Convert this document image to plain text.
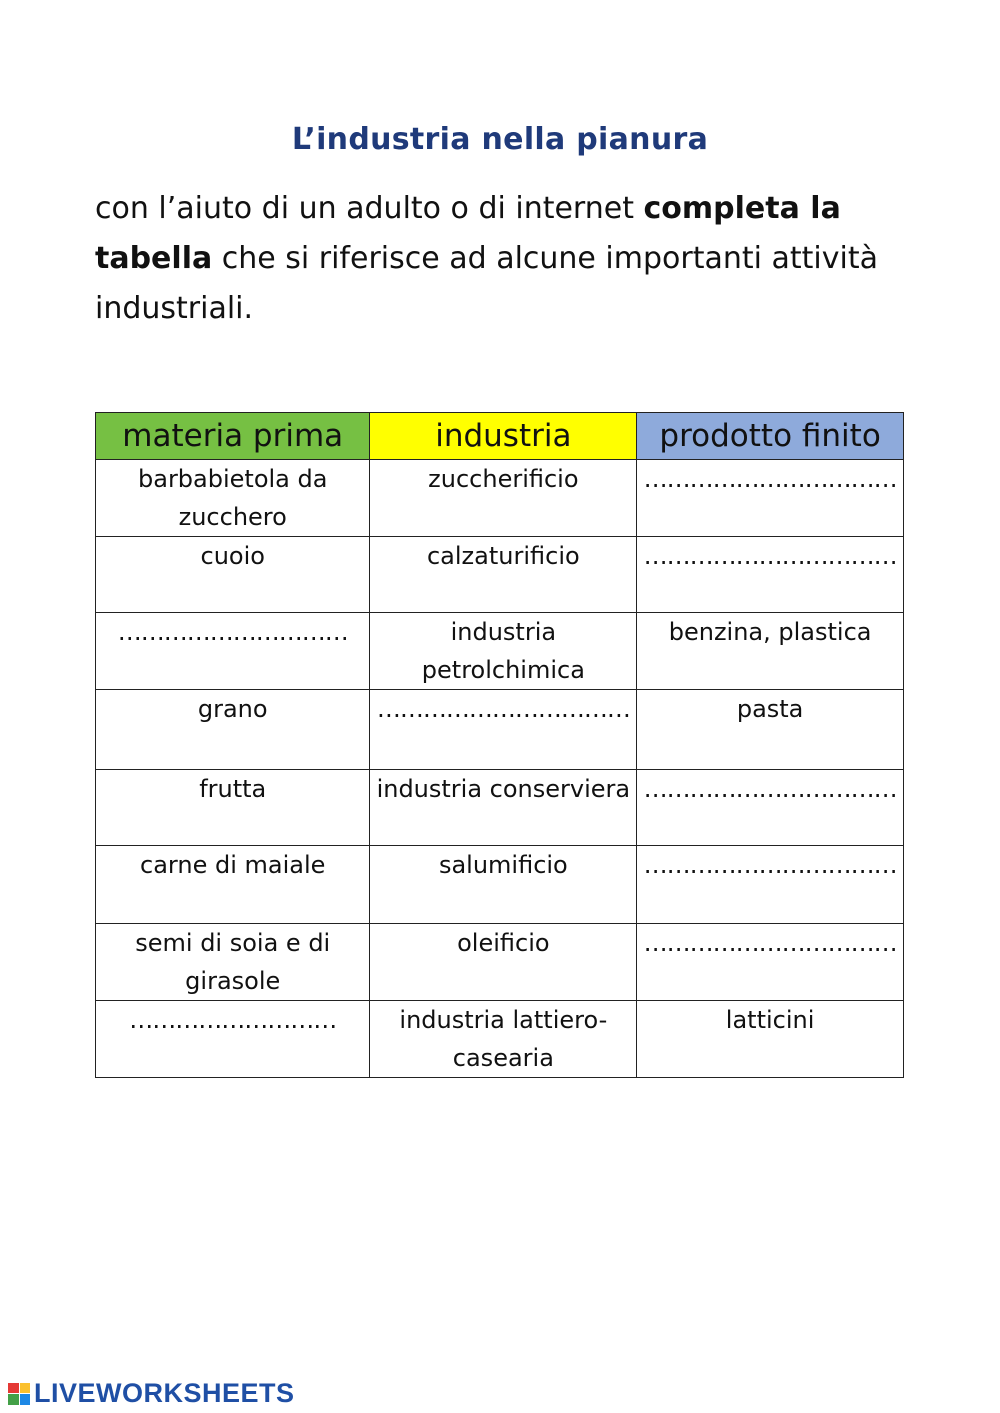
L’industria nella pianura
con l’aiuto di un adulto o di internet completa la tabella che si riferisce ad alcune importanti attività industriali.
materia prima	industria	prodotto finito
barbabietola da zucchero	zuccherificio	……………………………
cuoio	calzaturificio	……………………………
…………………………	industria petrolchimica	benzina, plastica
grano	……………………………	pasta
frutta	industria conserviera	……………………………
carne di maiale	salumificio	……………………………
semi di soia e di girasole	oleificio	……………………………
………………………	industria lattiero-casearia	latticini
LIVEWORKSHEETS
